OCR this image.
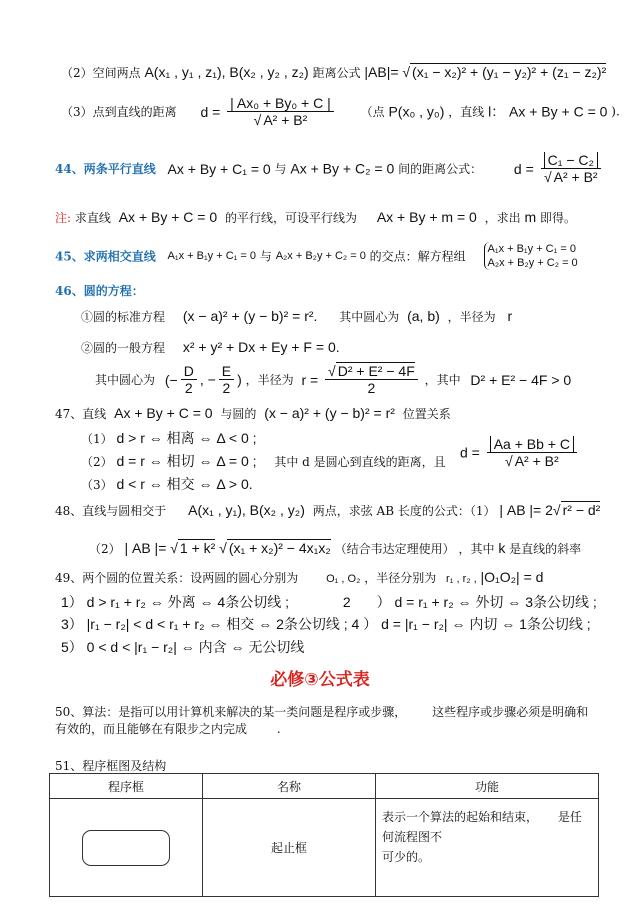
（2）空间两点 A(x₁ , y₁ , z₁), B(x₂ , y₂ , z₂) 距离公式 |AB|= √ (x₁ − x₂)² + (y₁ − y₂)² + (z₁ − z₂)²
（3）点到直线的距离 $d = \frac{\text{| Ax₀ + By₀ + C |}}{\text{√ A² + B²}}$ （点 P(x₀ , y₀) ，直线 l： Ax + By + C = 0 ).
44、两条平行直线 Ax + By + C₁ = 0 与 Ax + By + C₂ = 0 间的距离公式： $d = \frac{\text{C₁ − C₂}}{\text{√ A² + B²}}$
注: 求直线 Ax + By + C = 0 的平行线，可设平行线为 Ax + By + m = 0 ，求出 m 即得。
45、求两相交直线 A₁x + B₁y + C₁ = 0 与 A₂x + B₂y + C₂ = 0 的交点：解方程组
A₁x + B₁y + C₁ = 0
A₂x + B₂y + C₂ = 0
46、圆的方程：
①圆的标准方程 (x − a)² + (y − b)² = r². 其中圆心为 (a, b) ，半径为 r
②圆的一般方程 x² + y² + Dx + Ey + F = 0.
其中圆心为 (− $\frac{D}{2}$ , − $\frac{E}{2}$ ) ，半径为 $r = \frac{\text{√ D² + E² − 4F}}{2}$ ，其中 D² + E² − 4F > 0
47、直线 Ax + By + C = 0 与圆的 (x − a)² + (y − b)² = r² 位置关系
（1） d > r ⇔ 相离 ⇔ Δ < 0 ;
（2） d = r ⇔ 相切 ⇔ Δ = 0 ; 其中 d 是圆心到直线的距离，且
（3） d < r ⇔ 相交 ⇔ Δ > 0.
$d = \frac{Aa + Bb + C}{\text{√ A² + B²}}$
48、直线与圆相交于 A(x₁ , y₁), B(x₂ , y₂) 两点，求弦 AB 长度的公式：（1） | AB |= 2√ r² − d²
（2） | AB |= √ 1 + k² √ (x₁ + x₂)² − 4x₁x₂ （结合韦达定理使用） ，其中 k 是直线的斜率
49、两个圆的位置关系：设两圆的圆心分别为	O₁ , O₂ ，半径分别为 r₁ , r₂ , |O₁O₂| = d
1） d > r₁ + r₂ ⇔ 外离 ⇔ 4条公切线 ;	2 ） d = r₁ + r₂ ⇔ 外切 ⇔ 3条公切线 ;
3） |r₁ − r₂| < d < r₁ + r₂ ⇔ 相交 ⇔ 2条公切线 ; 4 ） d = |r₁ − r₂| ⇔ 内切 ⇔ 1条公切线 ;
5） 0 < d < |r₁ − r₂| ⇔ 内含 ⇔ 无公切线
必修③公式表
50、算法：是指可以用计算机来解决的某一类问题是程序或步骤， 这些程序或步骤必须是明确和
有效的，而且能够在有限步之内完成 .
51、程序框图及结构
程序框	名称	功能

	起止框	表示一个算法的起始和结束， 是任何流程图不
可少的。
